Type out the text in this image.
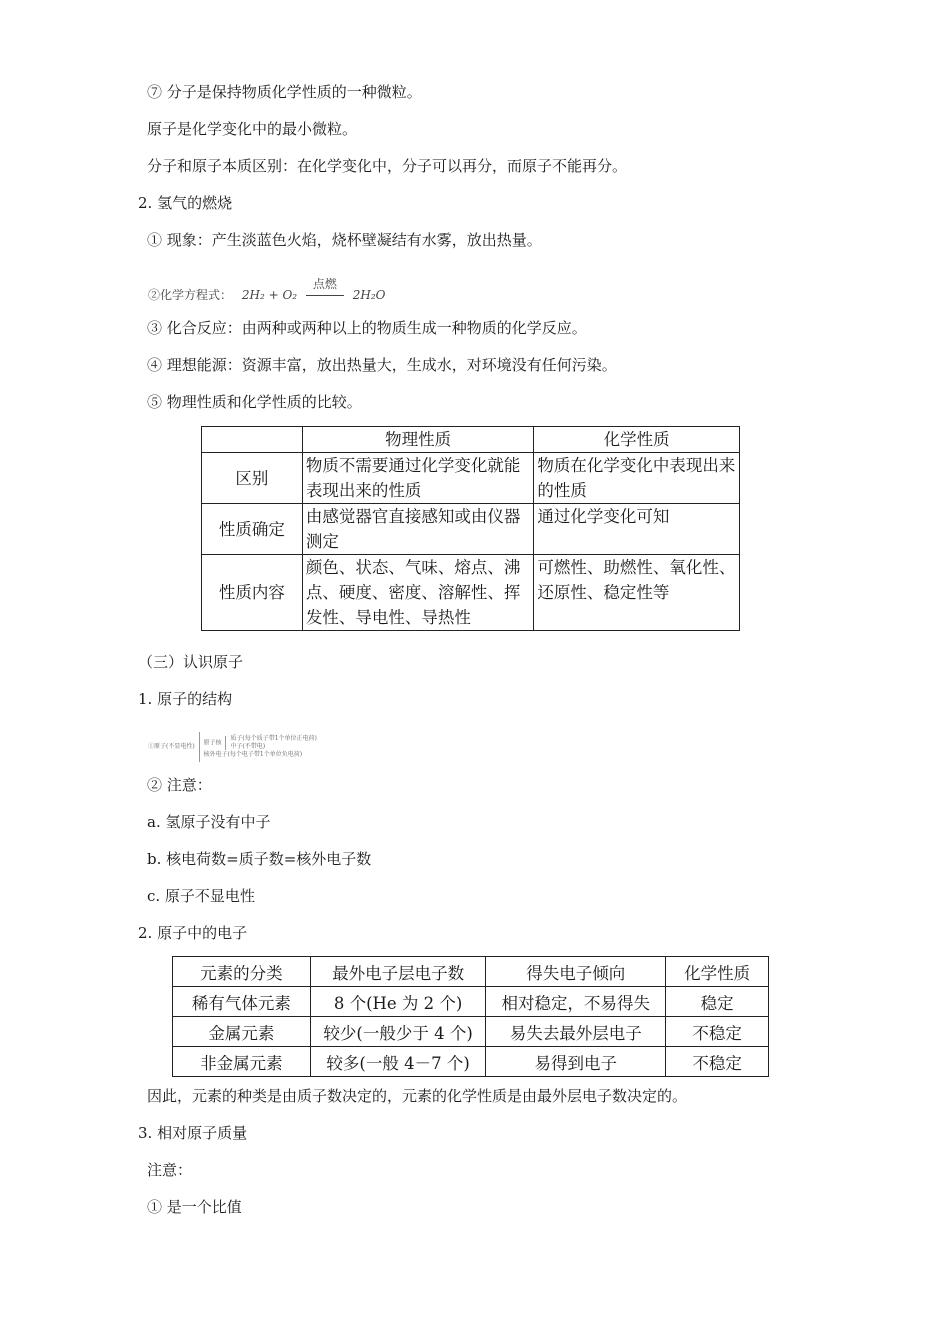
⑦ 分子是保持物质化学性质的一种微粒。
原子是化学变化中的最小微粒。
分子和原子本质区别：在化学变化中，分子可以再分，而原子不能再分。
2. 氢气的燃烧
① 现象：产生淡蓝色火焰，烧杯壁凝结有水雾，放出热量。
②化学方程式： 2H₂ + O₂
点燃
2H₂O
③ 化合反应：由两种或两种以上的物质生成一种物质的化学反应。
④ 理想能源：资源丰富，放出热量大，生成水，对环境没有任何污染。
⑤ 物理性质和化学性质的比较。
	物理性质	化学性质
区别	物质不需要通过化学变化就能表现出来的性质	物质在化学变化中表现出来的性质
性质确定	由感觉器官直接感知或由仪器测定	通过化学变化可知
性质内容	颜色、状态、气味、熔点、沸点、硬度、密度、溶解性、挥发性、导电性、导热性	可燃性、助燃性、氧化性、还原性、稳定性等
（三）认识原子
1. 原子的结构
①原子(不显电性) 原子核
质子(每个质子带1个单位正电荷)
中子(不带电)
核外电子(每个电子带1个单位负电荷)
② 注意：
a. 氢原子没有中子
b. 核电荷数=质子数=核外电子数
c. 原子不显电性
2. 原子中的电子
元素的分类	最外电子层电子数	得失电子倾向	化学性质
稀有气体元素	8 个(He 为 2 个)	相对稳定，不易得失	稳定
金属元素	较少(一般少于 4 个)	易失去最外层电子	不稳定
非金属元素	较多(一般 4－7 个)	易得到电子	不稳定
因此，元素的种类是由质子数决定的，元素的化学性质是由最外层电子数决定的。
3. 相对原子质量
注意：
① 是一个比值
